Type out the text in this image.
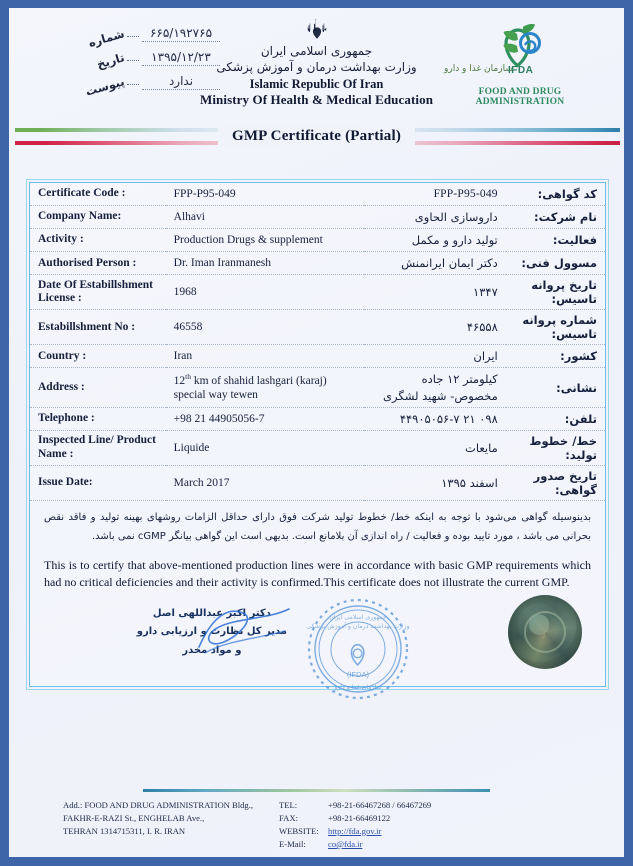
۶۶۵/۱۹۲۷۶۵
شماره
۱۳۹۵/۱۲/۲۳
تاریخ
ندارد
پیوست
جمهوری اسلامی ایران
وزارت بهداشت درمان و آموزش پزشکی
Islamic Republic Of Iran
Ministry Of Health & Medical Education
سازمان غذا و دارو
IFDA
FOOD AND DRUG ADMINISTRATION
GMP Certificate (Partial)
Certificate Code :	FPP-P95-049	FPP-P95-049	کد گواهی:
Company Name:	Alhavi	داروسازی الحاوی	نام شرکت:
Activity :	Production Drugs & supplement	تولید دارو و مکمل	فعالیت:
Authorised Person :	Dr. Iman Iranmanesh	دکتر ایمان ایرانمنش	مسوول فنی:
Date Of Estabillshment License :	1968	۱۳۴۷	تاریخ پروانه تاسیس:
Estabillshment No :	46558	۴۶۵۵۸	شماره پروانه تاسیس:
Country :	Iran	ایران	کشور:
Address :	12th km of shahid lashgari (karaj) special way tewen	کیلومتر ۱۲ جاده مخصوص- شهید لشگری	نشانی:
Telephone :	+98 21 44905056-7	۰۹۸ ۲۱ ۴۴۹۰۵۰۵۶-۷	تلفن:
Inspected Line/ Product Name :	Liquide	مایعات	خط/ خطوط تولید:
Issue Date:	March 2017	اسفند ۱۳۹۵	تاریخ صدور گواهی:
بدینوسیله گواهی می‌شود با توجه به اینکه خط/ خطوط تولید شرکت فوق دارای حداقل الزامات روشهای بهینه تولید و فاقد نقص بحرانی می باشد ، مورد تایید بوده و فعالیت / راه اندازی آن بلامانع است. بدیهی است این گواهی بیانگر cGMP نمی باشد.
This is to certify that above-mentioned production lines were in accordance with basic GMP requirements which had no critical deficiencies and their activity is confirmed.This certificate does not illustrate the current GMP.
دکتر اکبر عبداللهی اصل
مدیر کل نظارت و ارزیابی دارو
و مواد مخدر
جمهوری اسلامی ایران
وزارت بهداشت درمان و آموزش پزشکی
سازمان غذا و دارو
(IFDA)
Add.: FOOD AND DRUG ADMINISTRATION Bldg.,
FAKHR-E-RAZI St., ENGHELAB Ave.,
TEHRAN 1314715311, I. R. IRAN
TEL:	+98-21-66467268 / 66467269
FAX:	+98-21-66469122
WEBSITE:	http://fda.gov.ir
E-Mail:	co@fda.ir
